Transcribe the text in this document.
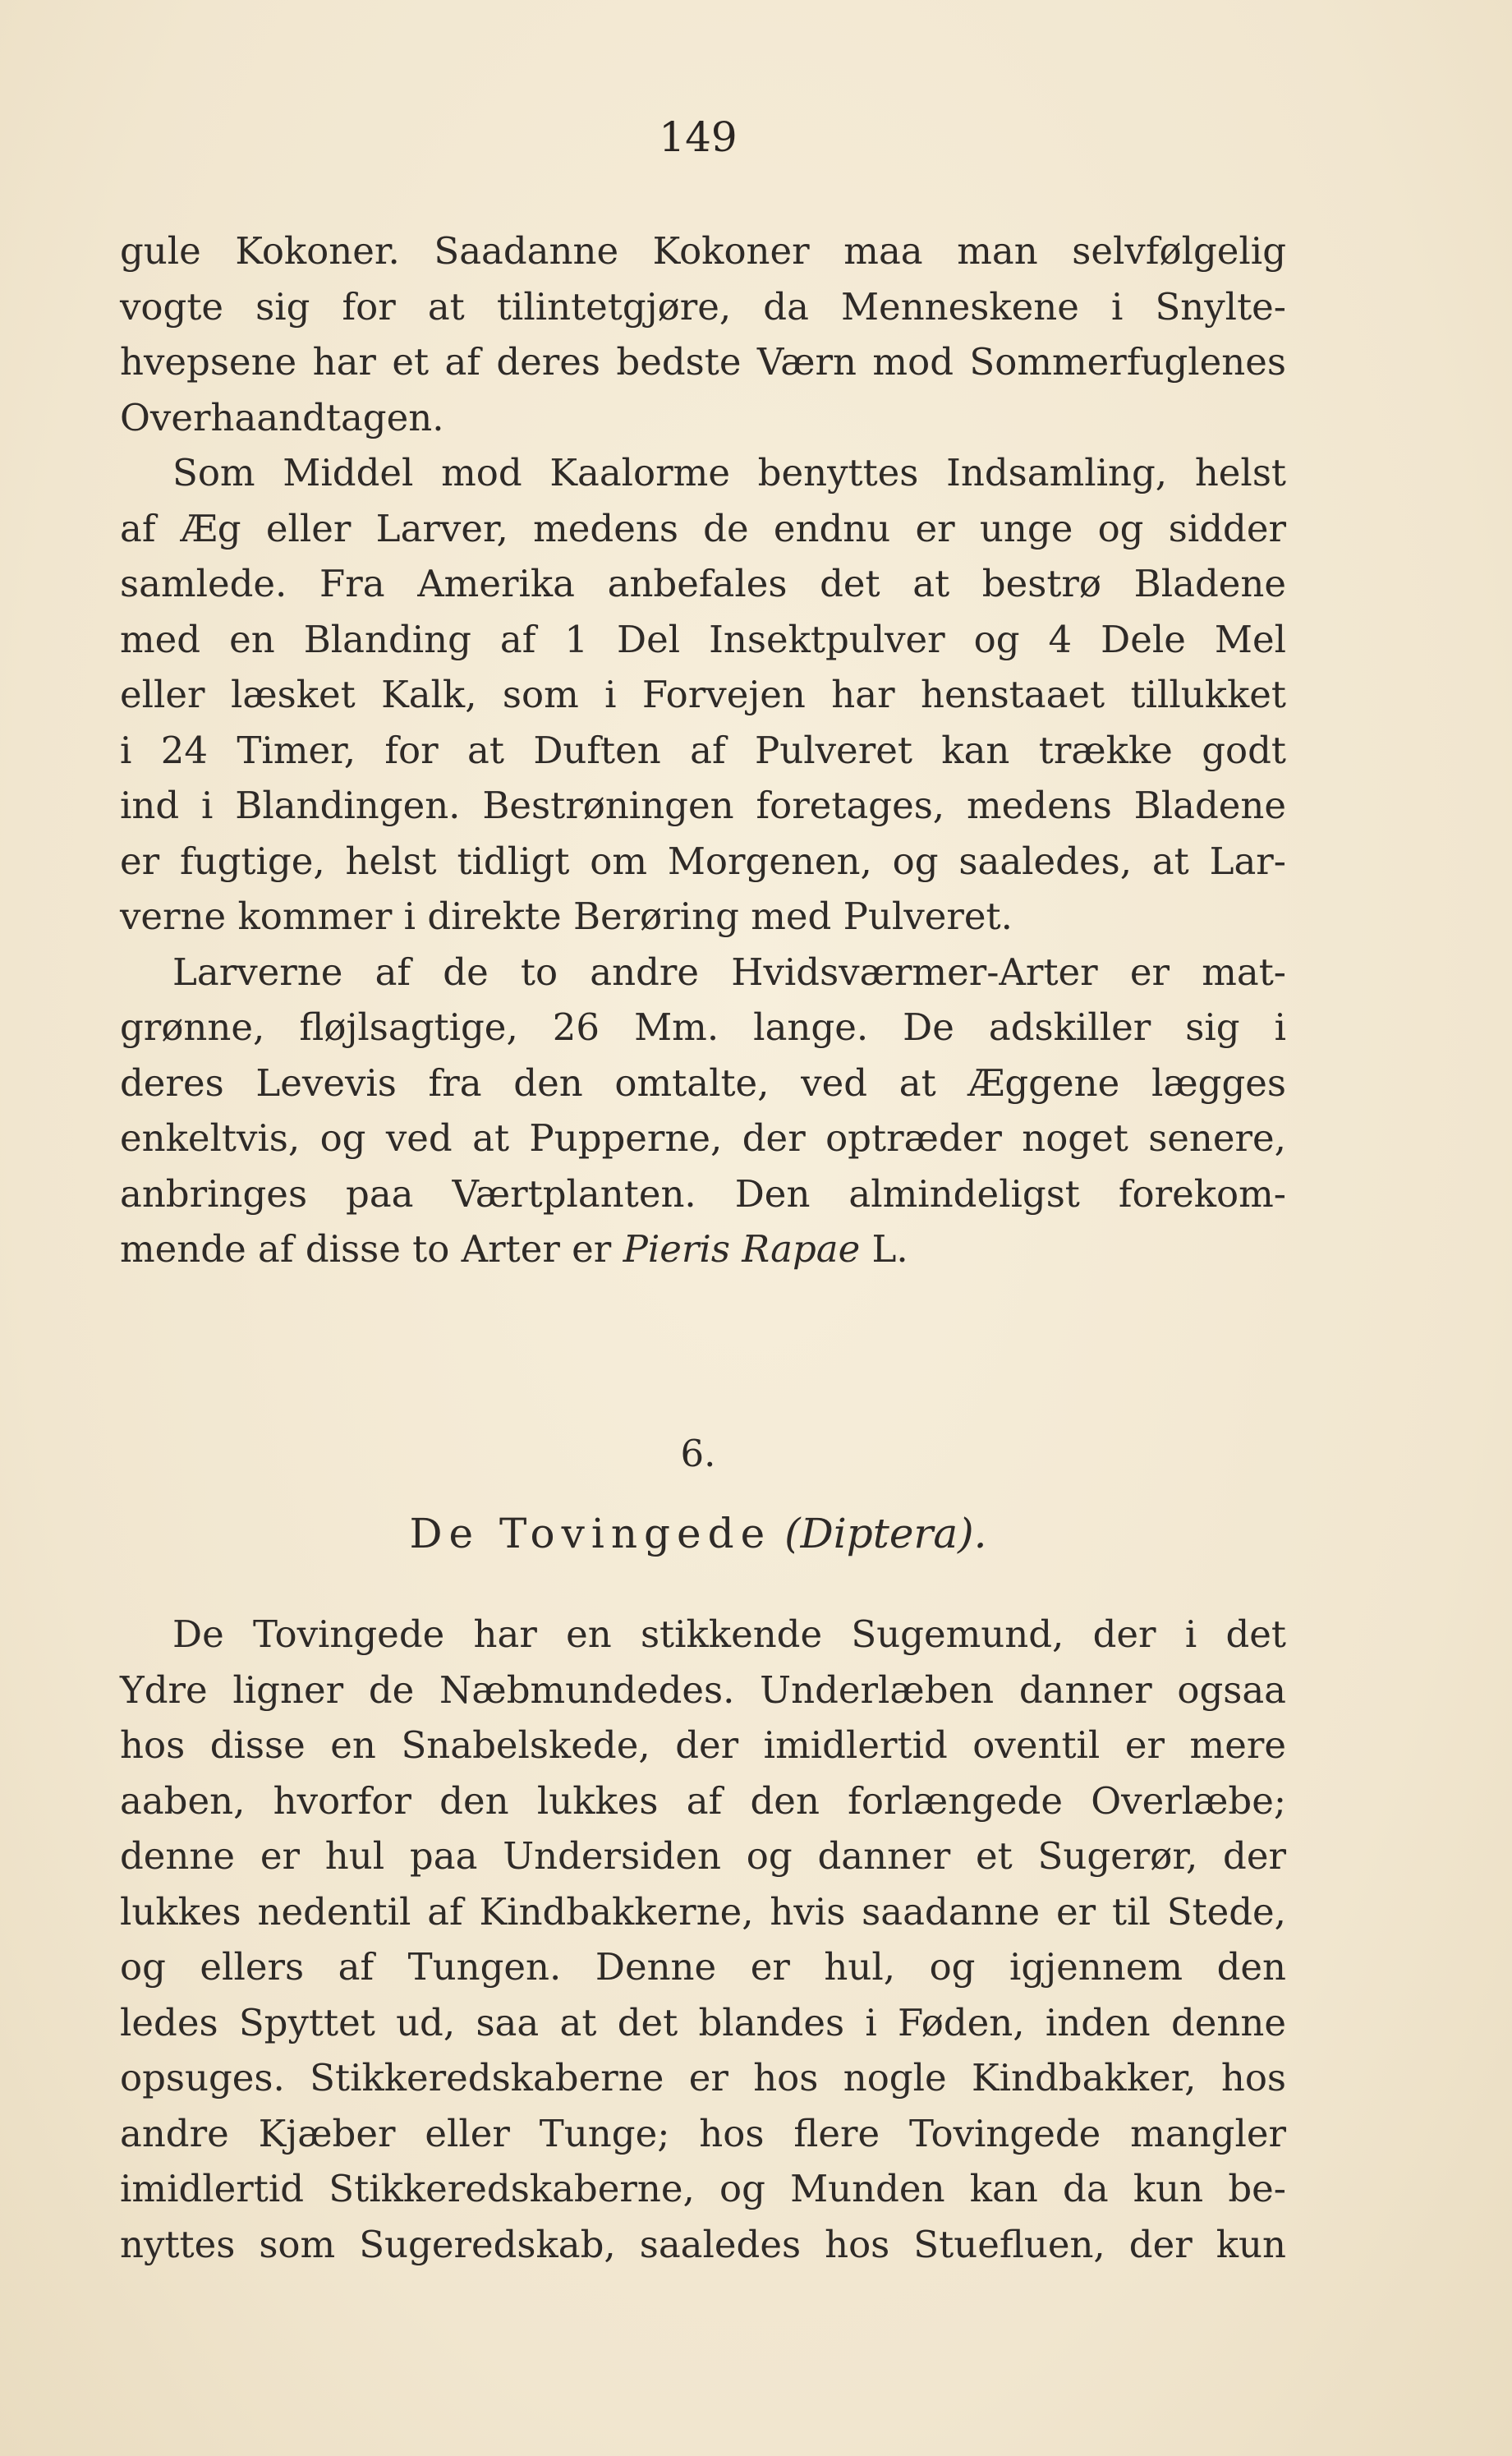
149
gule Kokoner. Saadanne Kokoner maa man selvfølgelig
vogte sig for at tilintetgjøre, da Menneskene i Snylte-
hvepsene har et af deres bedste Værn mod Sommerfuglenes
Overhaandtagen.
Som Middel mod Kaalorme benyttes Indsamling, helst
af Æg eller Larver, medens de endnu er unge og sidder
samlede. Fra Amerika anbefales det at bestrø Bladene
med en Blanding af 1 Del Insektpulver og 4 Dele Mel
eller læsket Kalk, som i Forvejen har henstaaet tillukket
i 24 Timer, for at Duften af Pulveret kan trække godt
ind i Blandingen. Bestrøningen foretages, medens Bladene
er fugtige, helst tidligt om Morgenen, og saaledes, at Lar-
verne kommer i direkte Berøring med Pulveret.
Larverne af de to andre Hvidsværmer-Arter er mat-
grønne, fløjlsagtige, 26 Mm. lange. De adskiller sig i
deres Levevis fra den omtalte, ved at Æggene lægges
enkeltvis, og ved at Pupperne, der optræder noget senere,
anbringes paa Værtplanten. Den almindeligst forekom-
mende af disse to Arter er Pieris Rapae L.
6.
De Tovingede (Diptera).
De Tovingede har en stikkende Sugemund, der i det
Ydre ligner de Næbmundedes. Underlæben danner ogsaa
hos disse en Snabelskede, der imidlertid oventil er mere
aaben, hvorfor den lukkes af den forlængede Overlæbe;
denne er hul paa Undersiden og danner et Sugerør, der
lukkes nedentil af Kindbakkerne, hvis saadanne er til Stede,
og ellers af Tungen. Denne er hul, og igjennem den
ledes Spyttet ud, saa at det blandes i Føden, inden denne
opsuges. Stikkeredskaberne er hos nogle Kindbakker, hos
andre Kjæber eller Tunge; hos flere Tovingede mangler
imidlertid Stikkeredskaberne, og Munden kan da kun be-
nyttes som Sugeredskab, saaledes hos Stuefluen, der kun
